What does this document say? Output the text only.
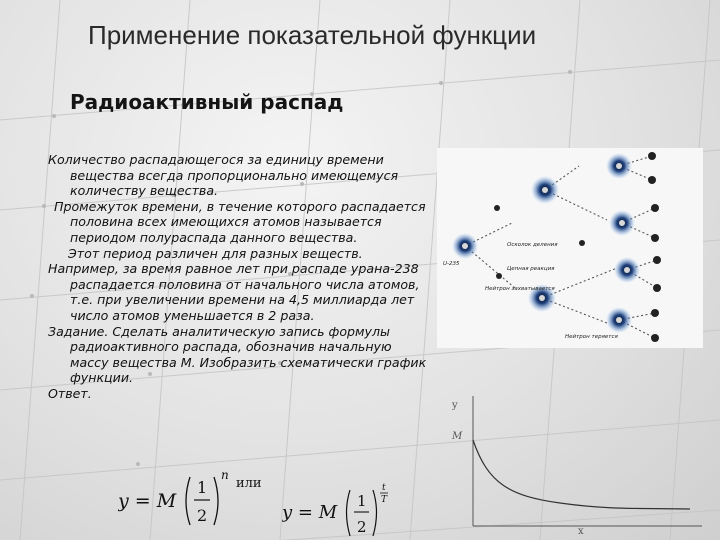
Применение показательной функции
Радиоактивный распад

Количество распадающегося за единицу времени вещества всегда пропорционально имеющемуся количеству вещества.

Промежуток времени, в течение которого распадается половина всех имеющихся атомов называется периодом полураспада данного вещества.

Этот период различен для разных веществ.

Например, за время равное лет при распаде урана-238 распадается половина от начального числа атомов, т.е. при увеличении времени на 4,5 миллиарда лет число атомов уменьшается в 2 раза.

Задание. Сделать аналитическую запись формулы радиоактивного распада, обозначив начальную массу вещества М. Изобразить схематически график функции.

Ответ.

U-235
Осколок деления
Цепная реакция
Нейтрон захватывается
Нейтрон теряется
y = M
1
2
n
или
y = M
1
2
t
T
y
M
x
